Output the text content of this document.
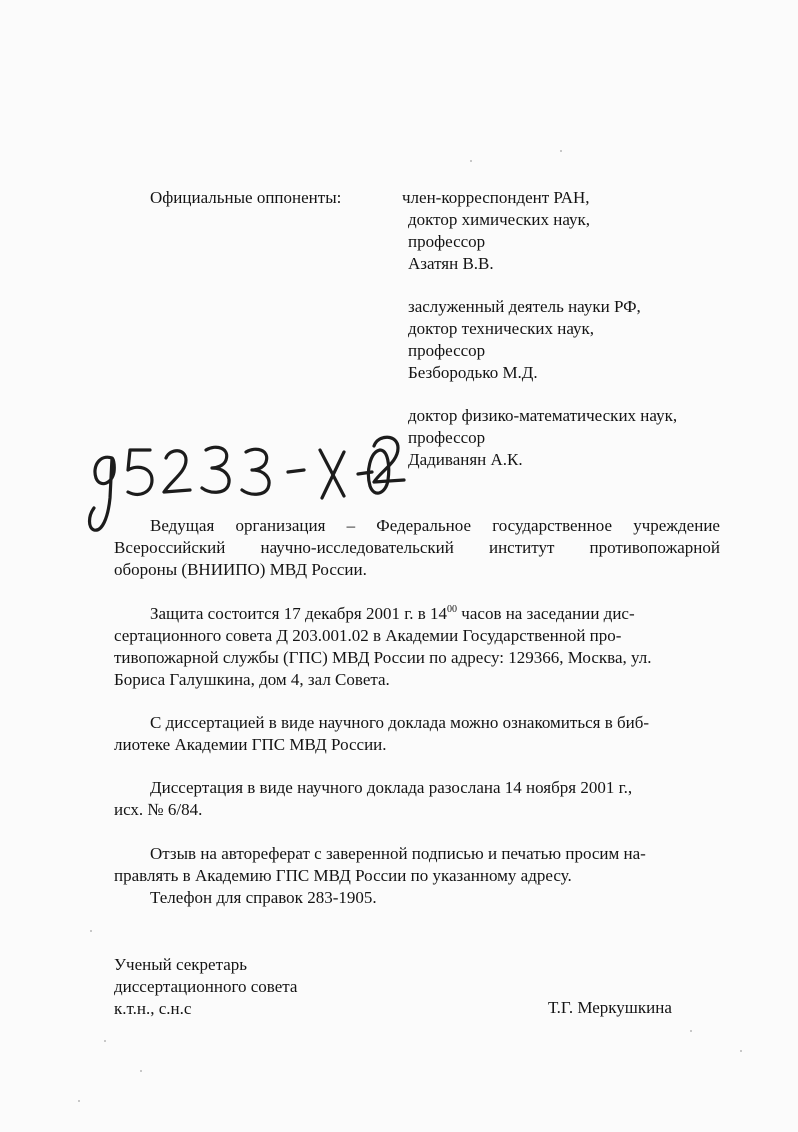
Официальные оппоненты:	член-корреспондент РАН,
доктор химических наук,
профессор
Азатян В.В.
заслуженный деятель науки РФ,
доктор технических наук,
профессор
Безбородько М.Д.
доктор физико-математических наук,
профессор
Дадиванян А.К.
Ведущая организация – Федеральное государственное учреждение
Всероссийский научно-исследовательский институт противопожарной
обороны (ВНИИПО) МВД России.
Защита состоится 17 декабря 2001 г. в $14^{00}$ часов на заседании дис-
сертационного совета Д 203.001.02 в Академии Государственной про-
тивопожарной службы (ГПС) МВД России по адресу: 129366, Москва, ул.
Бориса Галушкина, дом 4, зал Совета.
С диссертацией в виде научного доклада можно ознакомиться в биб-
лиотеке Академии ГПС МВД России.
Диссертация в виде научного доклада разослана 14 ноября 2001 г.,
исх. № 6/84.
Отзыв на автореферат с заверенной подписью и печатью просим на-
правлять в Академию ГПС МВД России по указанному адресу.
Телефон для справок 283-1905.
Ученый секретарь
диссертационного совета
к.т.н., с.н.с	Т.Г. Меркушкина
